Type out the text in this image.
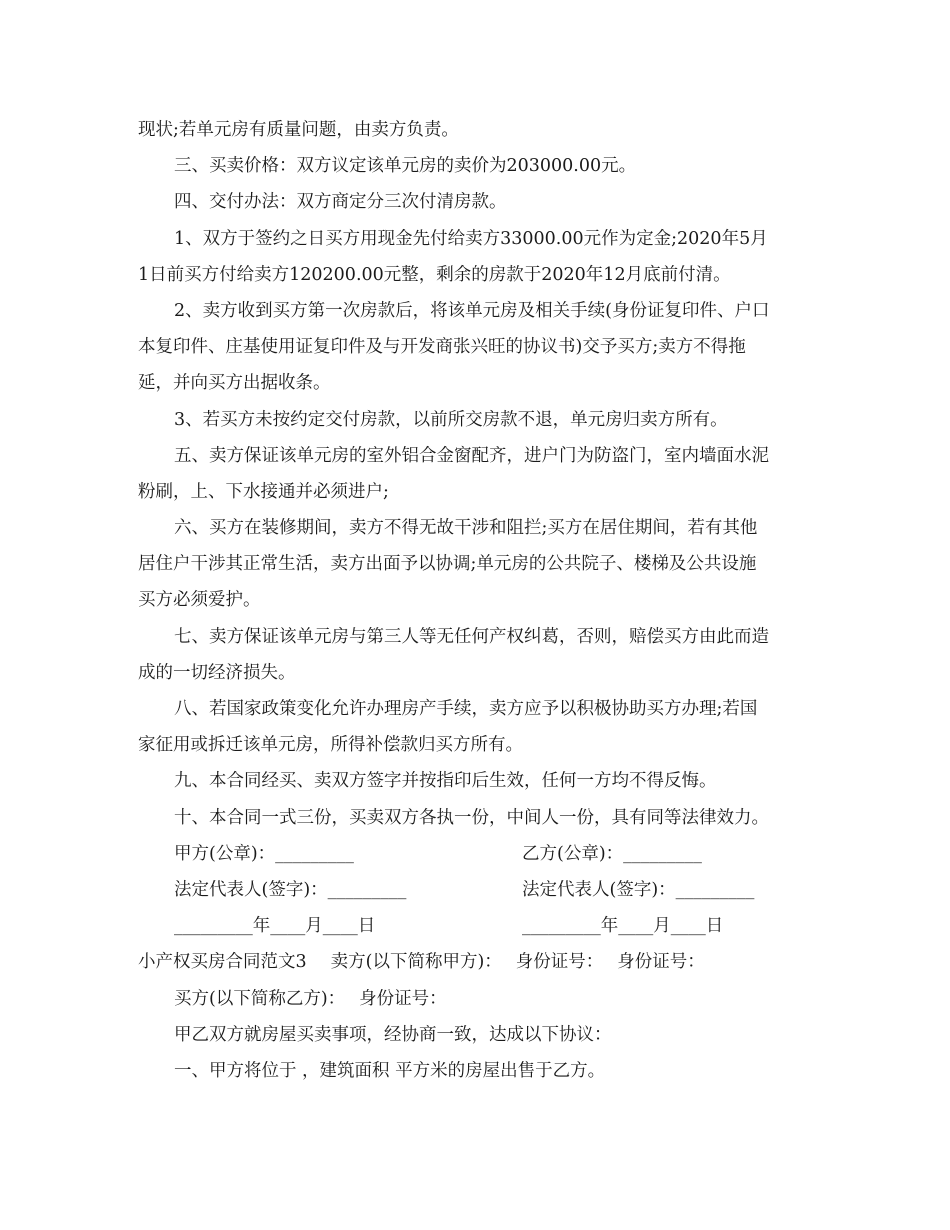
现状;若单元房有质量问题，由卖方负责。
三、买卖价格：双方议定该单元房的卖价为203000.00元。
四、交付办法：双方商定分三次付清房款。
1、双方于签约之日买方用现金先付给卖方33000.00元作为定金;2020年5月
1日前买方付给卖方120200.00元整，剩余的房款于2020年12月底前付清。
2、卖方收到买方第一次房款后，将该单元房及相关手续(身份证复印件、户口
本复印件、庄基使用证复印件及与开发商张兴旺的协议书)交予买方;卖方不得拖
延，并向买方出据收条。
3、若买方未按约定交付房款，以前所交房款不退，单元房归卖方所有。
五、卖方保证该单元房的室外铝合金窗配齐，进户门为防盗门，室内墙面水泥
粉刷，上、下水接通并必须进户;
六、买方在装修期间，卖方不得无故干涉和阻拦;买方在居住期间，若有其他
居住户干涉其正常生活，卖方出面予以协调;单元房的公共院子、楼梯及公共设施
买方必须爱护。
七、卖方保证该单元房与第三人等无任何产权纠葛，否则，赔偿买方由此而造
成的一切经济损失。
八、若国家政策变化允许办理房产手续，卖方应予以积极协助买方办理;若国
家征用或拆迁该单元房，所得补偿款归买方所有。
九、本合同经买、卖双方签字并按指印后生效，任何一方均不得反悔。
十、本合同一式三份，买卖双方各执一份，中间人一份，具有同等法律效力。
甲方(公章)：_________	乙方(公章)：_________
法定代表人(签字)：_________	法定代表人(签字)：_________
_________年____月____日	_________年____月____日
小产权买房合同范文3 卖方(以下简称甲方)： 身份证号： 身份证号：
买方(以下简称乙方)： 身份证号：
甲乙双方就房屋买卖事项，经协商一致，达成以下协议：
一、甲方将位于 ，建筑面积 平方米的房屋出售于乙方。
